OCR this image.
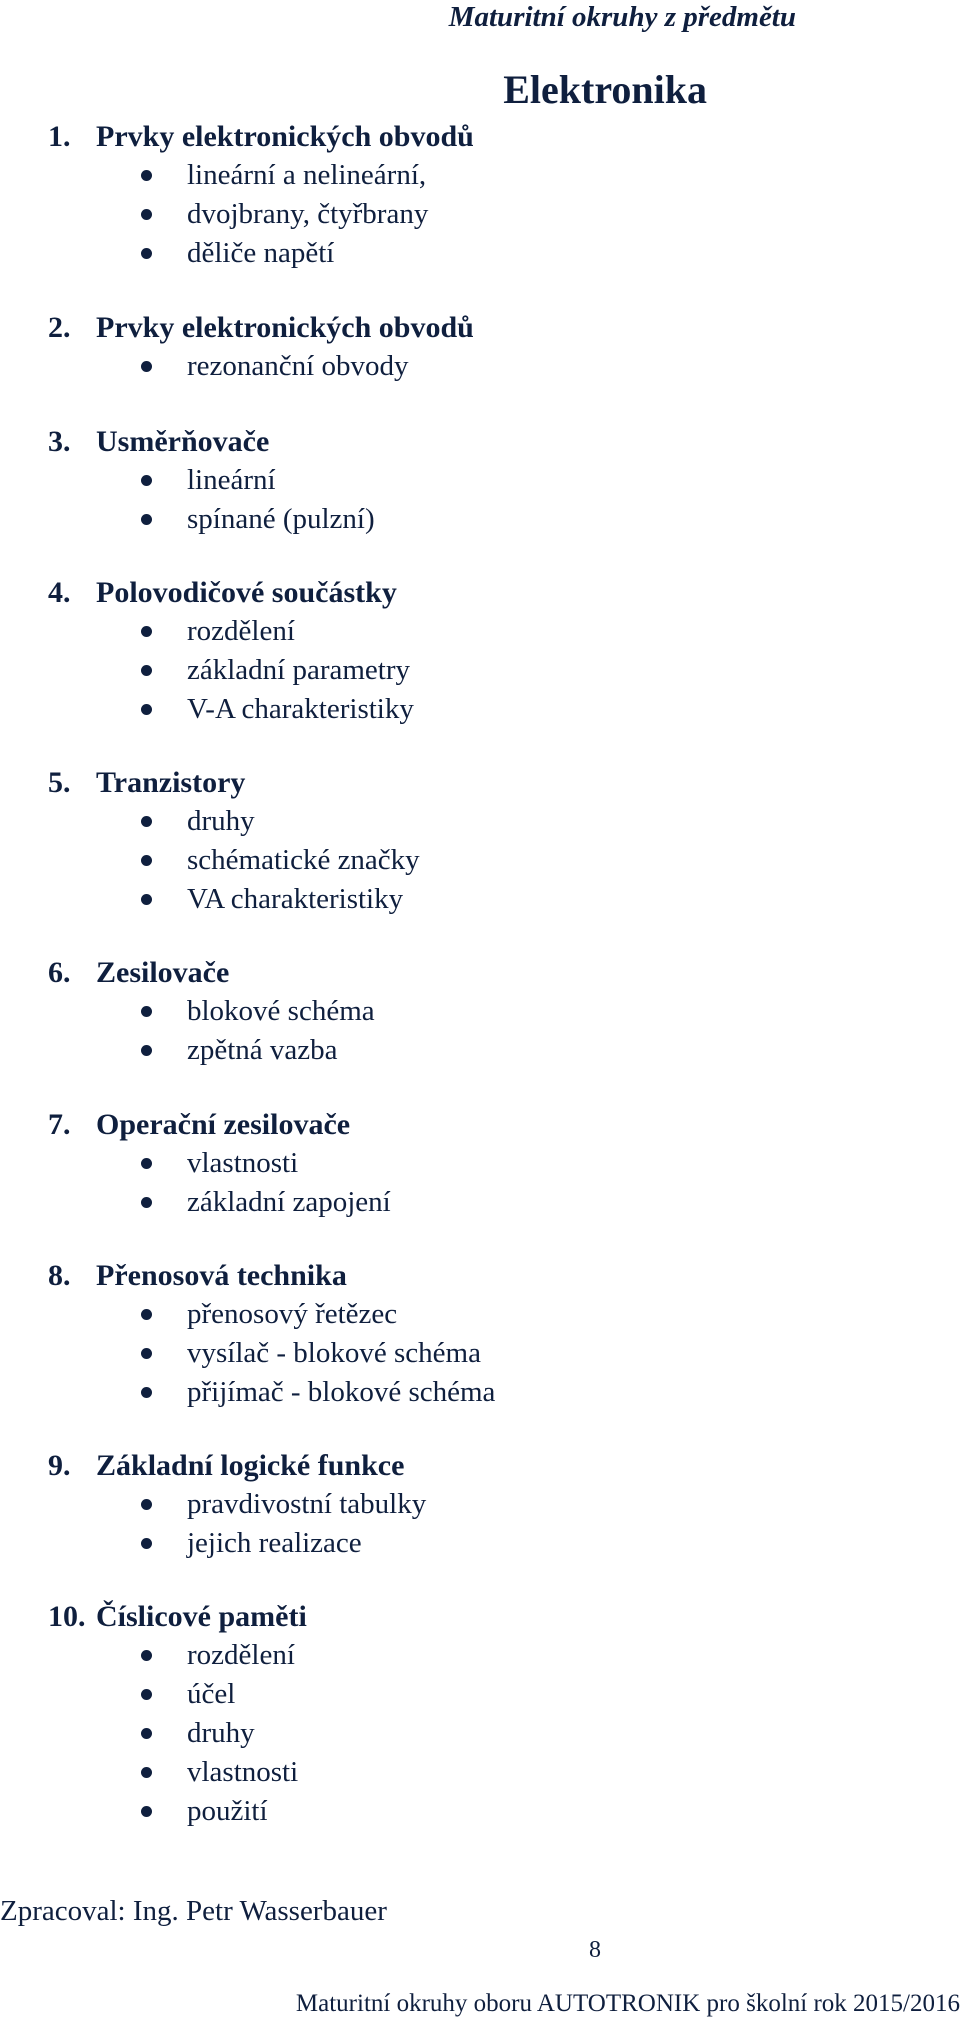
Maturitní okruhy z předmětu
Elektronika
1. Prvky elektronických obvodů
lineární a nelineární,
dvojbrany, čtyřbrany
děliče napětí
2. Prvky elektronických obvodů
rezonanční obvody
3. Usměrňovače
lineární
spínané (pulzní)
4. Polovodičové součástky
rozdělení
základní parametry
V-A charakteristiky
5. Tranzistory
druhy
schématické značky
VA charakteristiky
6. Zesilovače
blokové schéma
zpětná vazba
7. Operační zesilovače
vlastnosti
základní zapojení
8. Přenosová technika
přenosový řetězec
vysílač - blokové schéma
přijímač - blokové schéma
9. Základní logické funkce
pravdivostní tabulky
jejich realizace
10. Číslicové paměti
rozdělení
účel
druhy
vlastnosti
použití
Zpracoval: Ing. Petr Wasserbauer
8
Maturitní okruhy oboru AUTOTRONIK pro školní rok 2015/2016
